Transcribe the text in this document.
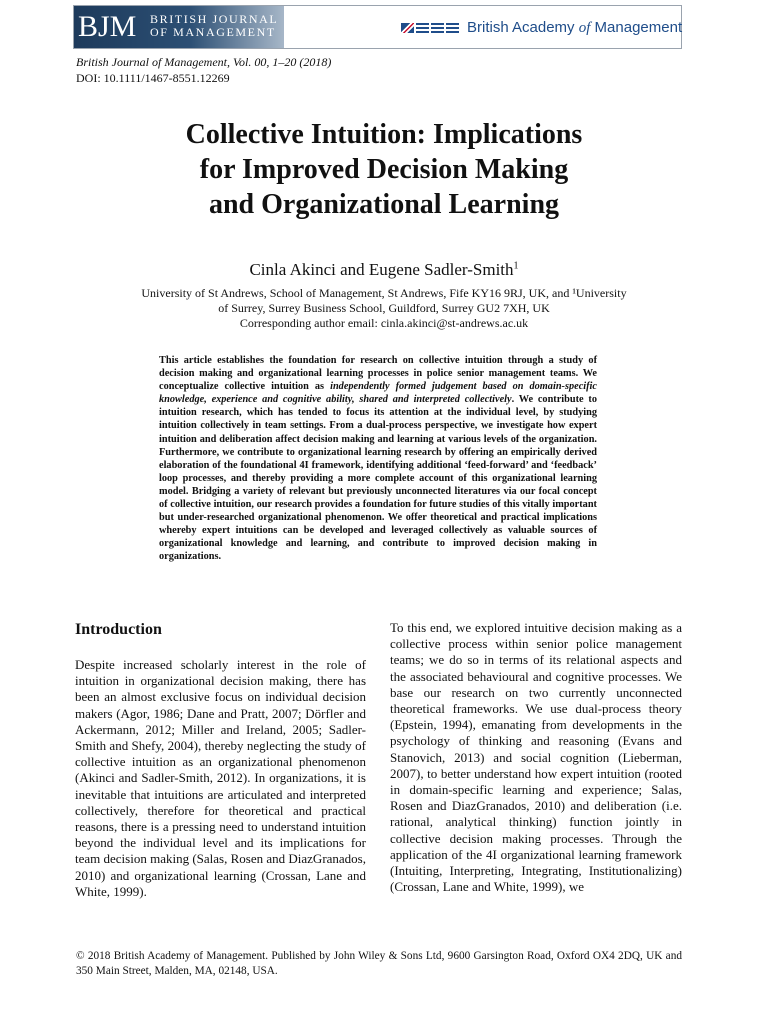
BJM BRITISH JOURNAL
OF MANAGEMENT	British Academy of Management
British Journal of Management, Vol. 00, 1–20 (2018)
DOI: 10.1111/1467-8551.12269
Collective Intuition: Implications
for Improved Decision Making
and Organizational Learning
Cinla Akinci and Eugene Sadler-Smith$^1$
University of St Andrews, School of Management, St Andrews, Fife KY16 9RJ, UK, and ¹University
of Surrey, Surrey Business School, Guildford, Surrey GU2 7XH, UK
Corresponding author email: cinla.akinci@st-andrews.ac.uk
This article establishes the foundation for research on collective intuition through a study of decision making and organizational learning processes in police senior management teams. We conceptualize collective intuition as independently formed judgement based on domain-specific knowledge, experience and cognitive ability, shared and interpreted collectively. We contribute to intuition research, which has tended to focus its attention at the individual level, by studying intuition collectively in team settings. From a dual-process perspective, we investigate how expert intuition and deliberation affect decision making and learning at various levels of the organization. Furthermore, we contribute to organizational learning research by offering an empirically derived elaboration of the foundational 4I framework, identifying additional ‘feed-forward’ and ‘feedback’ loop processes, and thereby providing a more complete account of this organizational learning model. Bridging a variety of relevant but previously unconnected literatures via our focal concept of collective intuition, our research provides a foundation for future studies of this vitally important but under-researched organizational phenomenon. We offer theoretical and practical implications whereby expert intuitions can be developed and leveraged collectively as valuable sources of organizational knowledge and learning, and contribute to improved decision making in organizations.
Introduction

Despite increased scholarly interest in the role of intuition in organizational decision making, there has been an almost exclusive focus on individual decision makers (Agor, 1986; Dane and Pratt, 2007; Dörfler and Ackermann, 2012; Miller and Ireland, 2005; Sadler-Smith and Shefy, 2004), thereby neglecting the study of collective intuition as an organizational phenomenon (Akinci and Sadler-Smith, 2012). In organizations, it is inevitable that intuitions are articulated and interpreted collectively, therefore for theoretical and practical reasons, there is a pressing need to understand intuition beyond the individual level and its implications for team decision making (Salas, Rosen and DiazGranados, 2010) and organizational learning (Crossan, Lane and White, 1999).

To this end, we explored intuitive decision making as a collective process within senior police management teams; we do so in terms of its relational aspects and the associated behavioural and cognitive processes. We base our research on two currently unconnected theoretical frameworks. We use dual-process theory (Epstein, 1994), emanating from developments in the psychology of thinking and reasoning (Evans and Stanovich, 2013) and social cognition (Lieberman, 2007), to better understand how expert intuition (rooted in domain-specific learning and experience; Salas, Rosen and DiazGranados, 2010) and deliberation (i.e. rational, analytical thinking) function jointly in collective decision making processes. Through the application of the 4I organizational learning framework (Intuiting, Interpreting, Integrating, Institutionalizing) (Crossan, Lane and White, 1999), we

© 2018 British Academy of Management. Published by John Wiley & Sons Ltd, 9600 Garsington Road, Oxford OX4 2DQ, UK and 350 Main Street, Malden, MA, 02148, USA.
